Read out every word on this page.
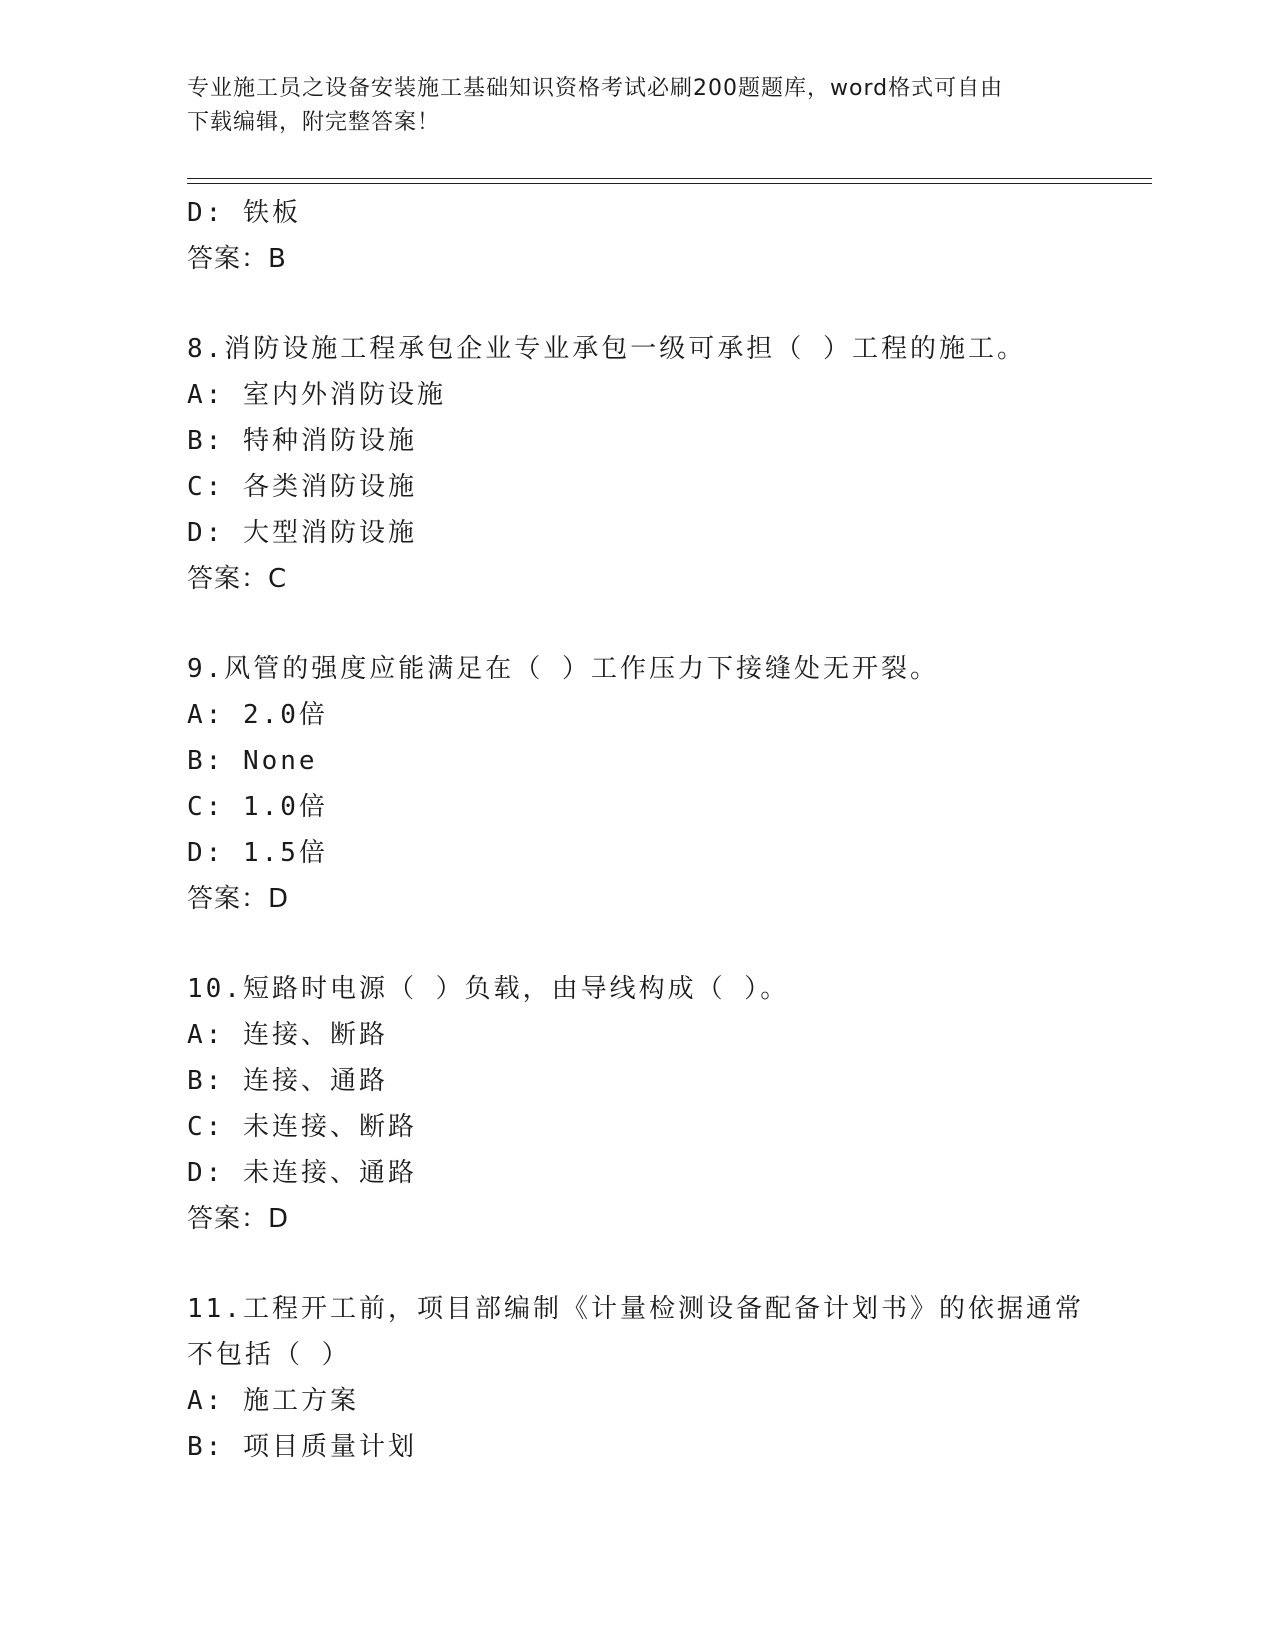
专业施工员之设备安装施工基础知识资格考试必刷200题题库，word格式可自由
下载编辑，附完整答案！
D: 铁板
答案：B
8.消防设施工程承包企业专业承包一级可承担（ ）工程的施工。
A: 室内外消防设施
B: 特种消防设施
C: 各类消防设施
D: 大型消防设施
答案：C
9.风管的强度应能满足在（ ）工作压力下接缝处无开裂。
A: 2.0倍
B: None
C: 1.0倍
D: 1.5倍
答案：D
10.短路时电源（ ）负载，由导线构成（ ）。
A: 连接、断路
B: 连接、通路
C: 未连接、断路
D: 未连接、通路
答案：D
11.工程开工前，项目部编制《计量检测设备配备计划书》的依据通常
不包括（ ）
A: 施工方案
B: 项目质量计划
